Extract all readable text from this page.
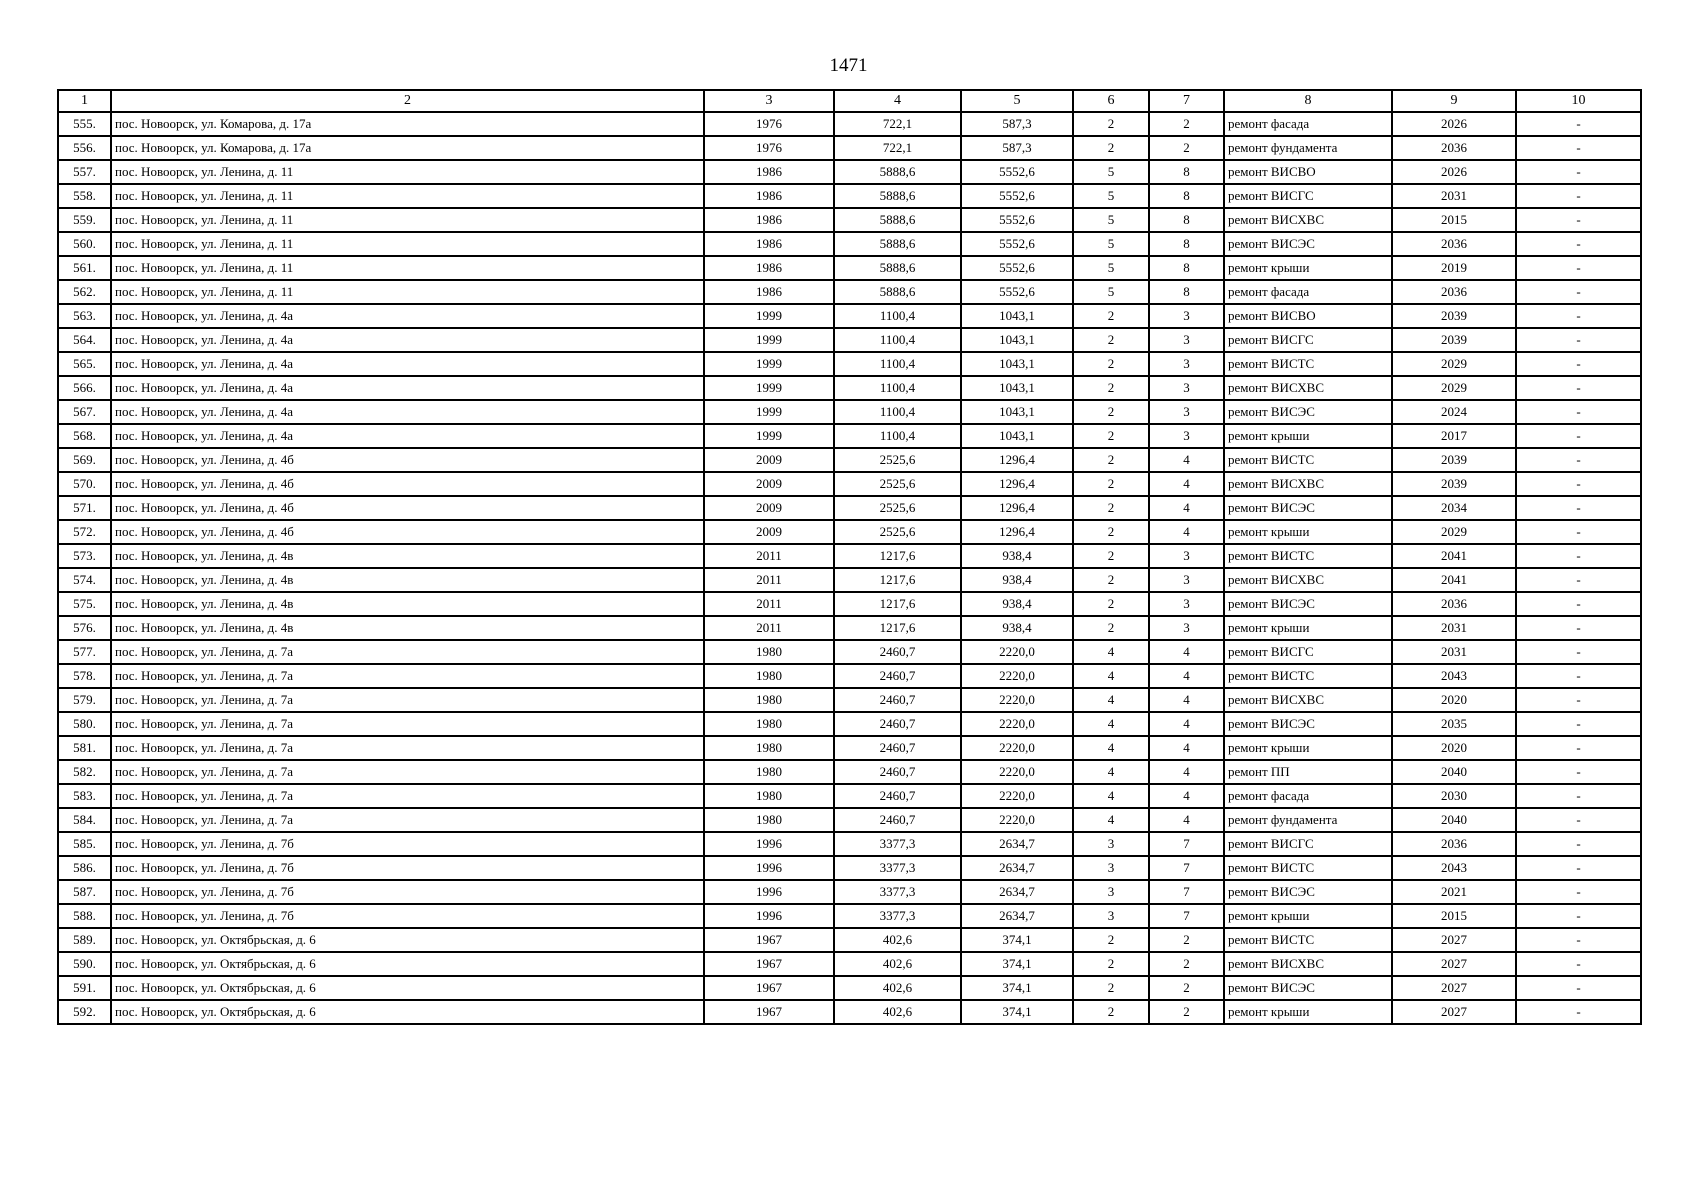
1471
1	2	3	4	5	6	7	8	9	10
555.	пос. Новоорск, ул. Комарова, д. 17а	1976	722,1	587,3	2	2	ремонт фасада	2026	-
556.	пос. Новоорск, ул. Комарова, д. 17а	1976	722,1	587,3	2	2	ремонт фундамента	2036	-
557.	пос. Новоорск, ул. Ленина, д. 11	1986	5888,6	5552,6	5	8	ремонт ВИСВО	2026	-
558.	пос. Новоорск, ул. Ленина, д. 11	1986	5888,6	5552,6	5	8	ремонт ВИСГС	2031	-
559.	пос. Новоорск, ул. Ленина, д. 11	1986	5888,6	5552,6	5	8	ремонт ВИСХВС	2015	-
560.	пос. Новоорск, ул. Ленина, д. 11	1986	5888,6	5552,6	5	8	ремонт ВИСЭС	2036	-
561.	пос. Новоорск, ул. Ленина, д. 11	1986	5888,6	5552,6	5	8	ремонт крыши	2019	-
562.	пос. Новоорск, ул. Ленина, д. 11	1986	5888,6	5552,6	5	8	ремонт фасада	2036	-
563.	пос. Новоорск, ул. Ленина, д. 4а	1999	1100,4	1043,1	2	3	ремонт ВИСВО	2039	-
564.	пос. Новоорск, ул. Ленина, д. 4а	1999	1100,4	1043,1	2	3	ремонт ВИСГС	2039	-
565.	пос. Новоорск, ул. Ленина, д. 4а	1999	1100,4	1043,1	2	3	ремонт ВИСТС	2029	-
566.	пос. Новоорск, ул. Ленина, д. 4а	1999	1100,4	1043,1	2	3	ремонт ВИСХВС	2029	-
567.	пос. Новоорск, ул. Ленина, д. 4а	1999	1100,4	1043,1	2	3	ремонт ВИСЭС	2024	-
568.	пос. Новоорск, ул. Ленина, д. 4а	1999	1100,4	1043,1	2	3	ремонт крыши	2017	-
569.	пос. Новоорск, ул. Ленина, д. 4б	2009	2525,6	1296,4	2	4	ремонт ВИСТС	2039	-
570.	пос. Новоорск, ул. Ленина, д. 4б	2009	2525,6	1296,4	2	4	ремонт ВИСХВС	2039	-
571.	пос. Новоорск, ул. Ленина, д. 4б	2009	2525,6	1296,4	2	4	ремонт ВИСЭС	2034	-
572.	пос. Новоорск, ул. Ленина, д. 4б	2009	2525,6	1296,4	2	4	ремонт крыши	2029	-
573.	пос. Новоорск, ул. Ленина, д. 4в	2011	1217,6	938,4	2	3	ремонт ВИСТС	2041	-
574.	пос. Новоорск, ул. Ленина, д. 4в	2011	1217,6	938,4	2	3	ремонт ВИСХВС	2041	-
575.	пос. Новоорск, ул. Ленина, д. 4в	2011	1217,6	938,4	2	3	ремонт ВИСЭС	2036	-
576.	пос. Новоорск, ул. Ленина, д. 4в	2011	1217,6	938,4	2	3	ремонт крыши	2031	-
577.	пос. Новоорск, ул. Ленина, д. 7а	1980	2460,7	2220,0	4	4	ремонт ВИСГС	2031	-
578.	пос. Новоорск, ул. Ленина, д. 7а	1980	2460,7	2220,0	4	4	ремонт ВИСТС	2043	-
579.	пос. Новоорск, ул. Ленина, д. 7а	1980	2460,7	2220,0	4	4	ремонт ВИСХВС	2020	-
580.	пос. Новоорск, ул. Ленина, д. 7а	1980	2460,7	2220,0	4	4	ремонт ВИСЭС	2035	-
581.	пос. Новоорск, ул. Ленина, д. 7а	1980	2460,7	2220,0	4	4	ремонт крыши	2020	-
582.	пос. Новоорск, ул. Ленина, д. 7а	1980	2460,7	2220,0	4	4	ремонт ПП	2040	-
583.	пос. Новоорск, ул. Ленина, д. 7а	1980	2460,7	2220,0	4	4	ремонт фасада	2030	-
584.	пос. Новоорск, ул. Ленина, д. 7а	1980	2460,7	2220,0	4	4	ремонт фундамента	2040	-
585.	пос. Новоорск, ул. Ленина, д. 7б	1996	3377,3	2634,7	3	7	ремонт ВИСГС	2036	-
586.	пос. Новоорск, ул. Ленина, д. 7б	1996	3377,3	2634,7	3	7	ремонт ВИСТС	2043	-
587.	пос. Новоорск, ул. Ленина, д. 7б	1996	3377,3	2634,7	3	7	ремонт ВИСЭС	2021	-
588.	пос. Новоорск, ул. Ленина, д. 7б	1996	3377,3	2634,7	3	7	ремонт крыши	2015	-
589.	пос. Новоорск, ул. Октябрьская, д. 6	1967	402,6	374,1	2	2	ремонт ВИСТС	2027	-
590.	пос. Новоорск, ул. Октябрьская, д. 6	1967	402,6	374,1	2	2	ремонт ВИСХВС	2027	-
591.	пос. Новоорск, ул. Октябрьская, д. 6	1967	402,6	374,1	2	2	ремонт ВИСЭС	2027	-
592.	пос. Новоорск, ул. Октябрьская, д. 6	1967	402,6	374,1	2	2	ремонт крыши	2027	-
